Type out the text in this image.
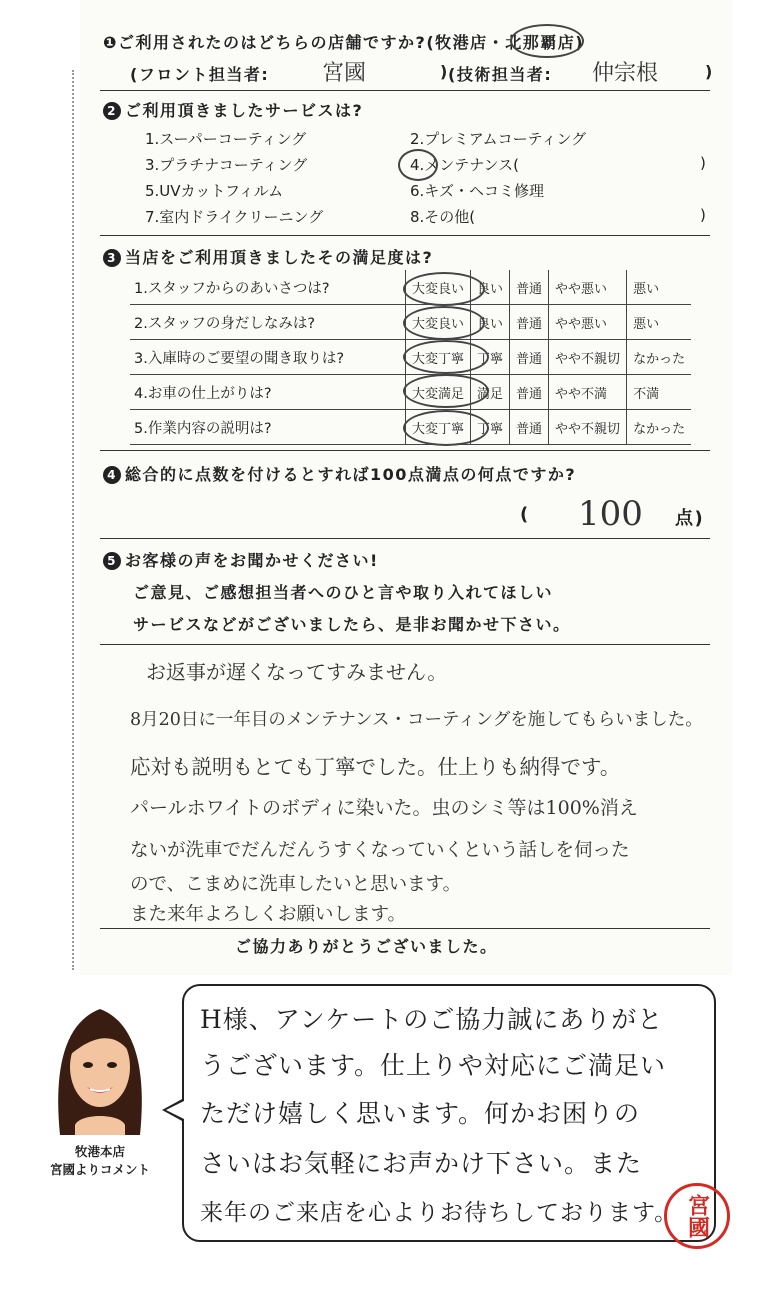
❶ご利用されたのはどちらの店舗ですか?(牧港店・北那覇店)
(フロント担当者: 宮國	) (技術担当者: 仲宗根	)
2 ご利用頂きましたサービスは?
1.スーパーコーティング	2.プレミアムコーティング
3.プラチナコーティング	4.メンテナンス(	)
5.UVカットフィルム	6.キズ・ヘコミ修理
7.室内ドライクリーニング	8.その他(	)
3 当店をご利用頂きましたその満足度は?
1.スタッフからのあいさつは?	大変良い	良い	普通	やや悪い	悪い
2.スタッフの身だしなみは?	大変良い	良い	普通	やや悪い	悪い
3.入庫時のご要望の聞き取りは?	大変丁寧	丁寧	普通	やや不親切	なかった
4.お車の仕上がりは?	大変満足	満足	普通	やや不満	不満
5.作業内容の説明は?	大変丁寧	丁寧	普通	やや不親切	なかった
4 総合的に点数を付けるとすれば100点満点の何点ですか?
( 100 点)
5 お客様の声をお聞かせください!
ご意見、ご感想担当者へのひと言や取り入れてほしい
サービスなどがございましたら、是非お聞かせ下さい。
お返事が遅くなってすみません。
8月20日に一年目のメンテナンス・コーティングを施してもらいました。
応対も説明もとても丁寧でした。仕上りも納得です。
パールホワイトのボディに染いた。虫のシミ等は100%消え
ないが洗車でだんだんうすくなっていくという話しを伺った
ので、こまめに洗車したいと思います。
また来年よろしくお願いします。
ご協力ありがとうございました。
牧港本店
宮國よりコメント
H様、アンケートのご協力誠にありがと
うございます。仕上りや対応にご満足い
ただけ嬉しく思います。何かお困りの
さいはお気軽にお声かけ下さい。また
来年のご来店を心よりお待ちしております。 宮國
